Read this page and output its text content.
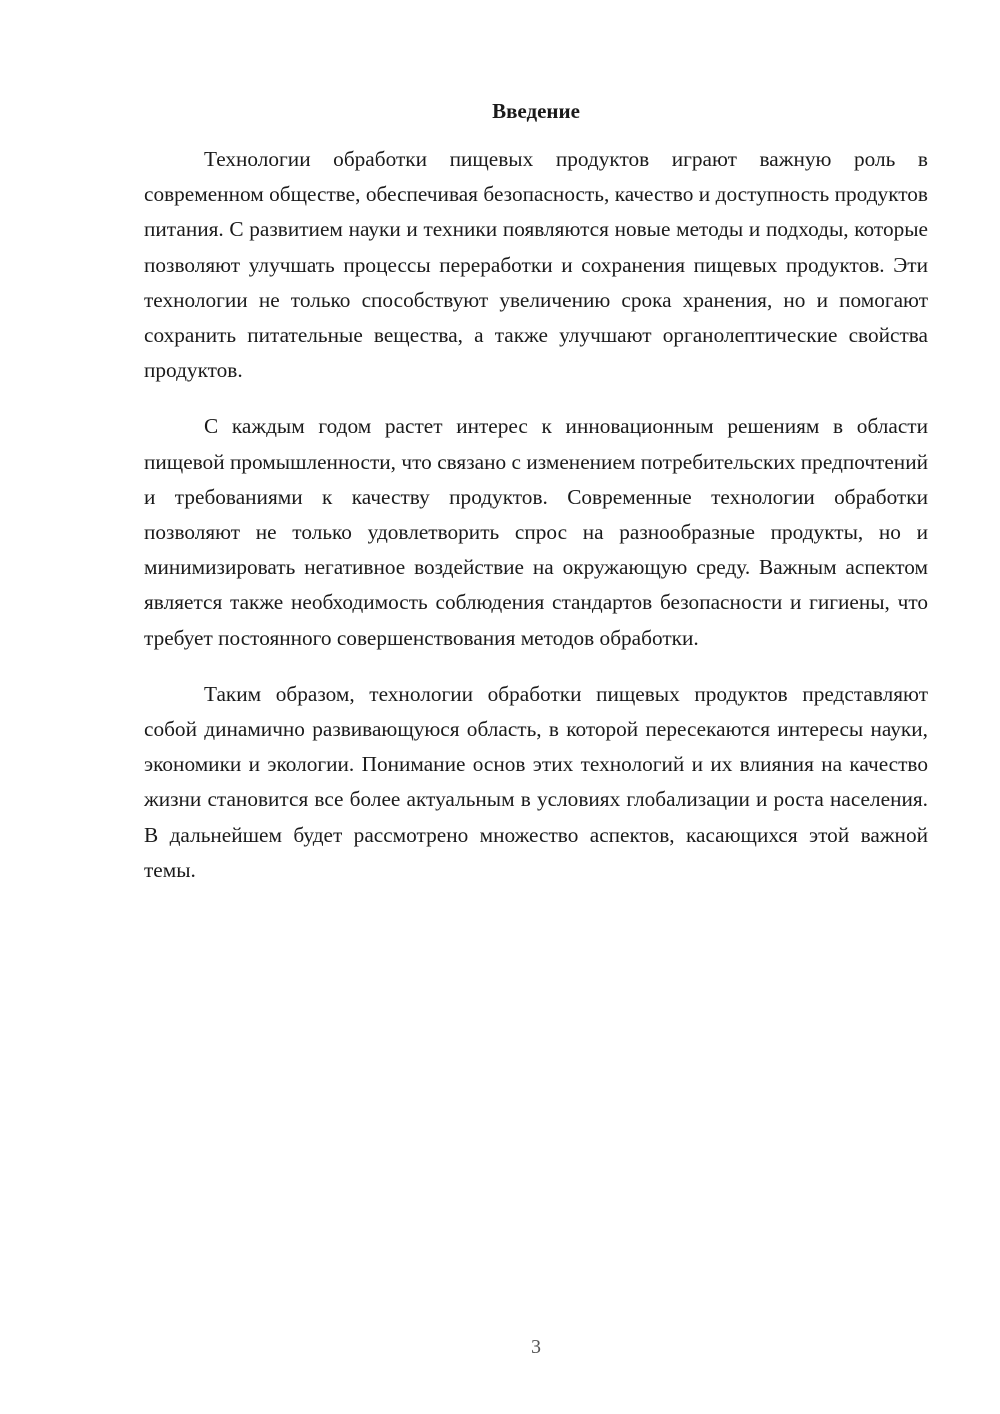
Введение

Технологии обработки пищевых продуктов играют важную роль в современном обществе, обеспечивая безопасность, качество и доступность продуктов питания. С развитием науки и техники появляются новые методы и подходы, которые позволяют улучшать процессы переработки и сохранения пищевых продуктов. Эти технологии не только способствуют увеличению срока хранения, но и помогают сохранить питательные вещества, а также улучшают органолептические свойства продуктов.

С каждым годом растет интерес к инновационным решениям в области пищевой промышленности, что связано с изменением потребительских предпочтений и требованиями к качеству продуктов. Современные технологии обработки позволяют не только удовлетворить спрос на разнообразные продукты, но и минимизировать негативное воздействие на окружающую среду. Важным аспектом является также необходимость соблюдения стандартов безопасности и гигиены, что требует постоянного совершенствования методов обработки.

Таким образом, технологии обработки пищевых продуктов представляют собой динамично развивающуюся область, в которой пересекаются интересы науки, экономики и экологии. Понимание основ этих технологий и их влияния на качество жизни становится все более актуальным в условиях глобализации и роста населения. В дальнейшем будет рассмотрено множество аспектов, касающихся этой важной темы.

3
